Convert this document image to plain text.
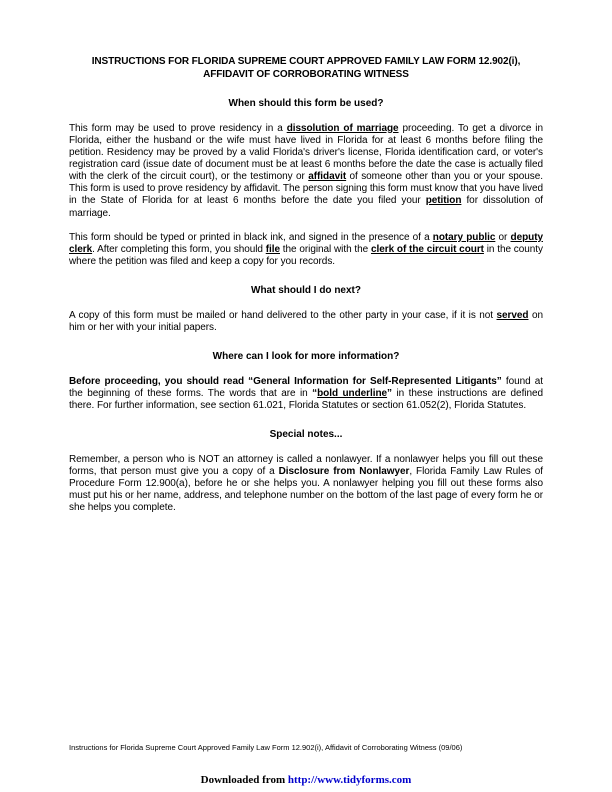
INSTRUCTIONS FOR FLORIDA SUPREME COURT APPROVED FAMILY LAW FORM 12.902(i),
AFFIDAVIT OF CORROBORATING WITNESS
When should this form be used?

This form may be used to prove residency in a dissolution of marriage proceeding. To get a divorce in Florida, either the husband or the wife must have lived in Florida for at least 6 months before filing the petition. Residency may be proved by a valid Florida's driver's license, Florida identification card, or voter's registration card (issue date of document must be at least 6 months before the date the case is actually filed with the clerk of the circuit court), or the testimony or affidavit of someone other than you or your spouse. This form is used to prove residency by affidavit. The person signing this form must know that you have lived in the State of Florida for at least 6 months before the date you filed your petition for dissolution of marriage.

This form should be typed or printed in black ink, and signed in the presence of a notary public or deputy clerk. After completing this form, you should file the original with the clerk of the circuit court in the county where the petition was filed and keep a copy for you records.

What should I do next?

A copy of this form must be mailed or hand delivered to the other party in your case, if it is not served on him or her with your initial papers.

Where can I look for more information?

Before proceeding, you should read “General Information for Self-Represented Litigants” found at the beginning of these forms. The words that are in “bold underline” in these instructions are defined there. For further information, see section 61.021, Florida Statutes or section 61.052(2), Florida Statutes.

Special notes...

Remember, a person who is NOT an attorney is called a nonlawyer. If a nonlawyer helps you fill out these forms, that person must give you a copy of a Disclosure from Nonlawyer, Florida Family Law Rules of Procedure Form 12.900(a), before he or she helps you. A nonlawyer helping you fill out these forms also must put his or her name, address, and telephone number on the bottom of the last page of every form he or she helps you complete.

Instructions for Florida Supreme Court Approved Family Law Form 12.902(i), Affidavit of Corroborating Witness (09/06)
Downloaded from http://www.tidyforms.com
